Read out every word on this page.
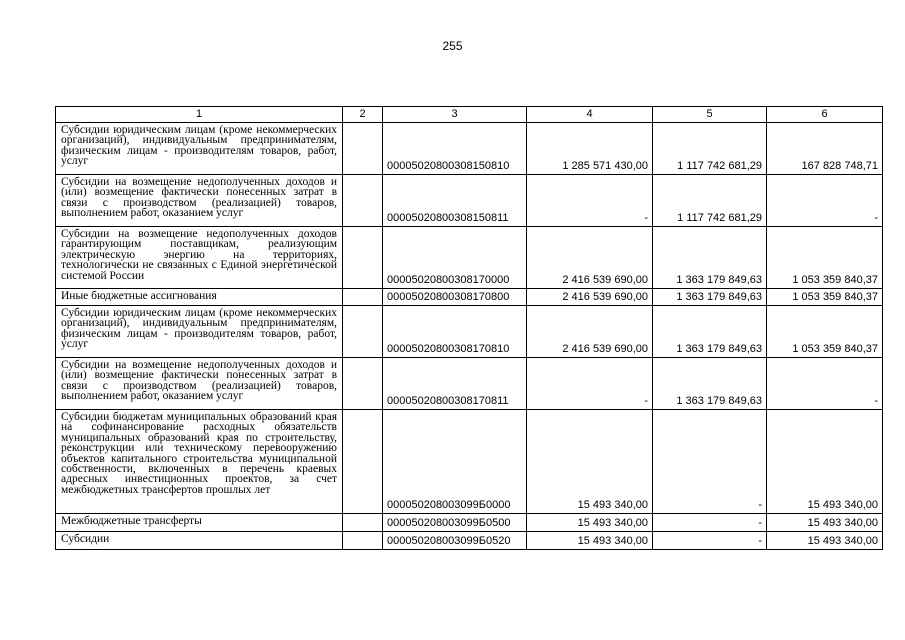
255
1	2	3	4	5	6
Субсидии юридическим лицам (кроме некоммерческих организаций), индивидуальным предпринимателям, физическим лицам - производителям товаров, работ, услуг		00005020800308150810	1 285 571 430,00	1 117 742 681,29	167 828 748,71
Субсидии на возмещение недополученных доходов и (или) возмещение фактически понесенных затрат в связи с производством (реализацией) товаров, выполнением работ, оказанием услуг		00005020800308150811	-	1 117 742 681,29	-
Субсидии на возмещение недополученных доходов гарантирующим поставщикам, реализующим электрическую энергию на территориях, технологически не связанных с Единой энергетической системой России		00005020800308170000	2 416 539 690,00	1 363 179 849,63	1 053 359 840,37
Иные бюджетные ассигнования		00005020800308170800	2 416 539 690,00	1 363 179 849,63	1 053 359 840,37
Субсидии юридическим лицам (кроме некоммерческих организаций), индивидуальным предпринимателям, физическим лицам - производителям товаров, работ, услуг		00005020800308170810	2 416 539 690,00	1 363 179 849,63	1 053 359 840,37
Субсидии на возмещение недополученных доходов и (или) возмещение фактически понесенных затрат в связи с производством (реализацией) товаров, выполнением работ, оказанием услуг		00005020800308170811	-	1 363 179 849,63	-
Субсидии бюджетам муниципальных образований края на софинансирование расходных обязательств муниципальных образований края по строительству, реконструкции или техническому перевооружению объектов капитального строительства муниципальной собственности, включенных в перечень краевых адресных инвестиционных проектов, за счет межбюджетных трансфертов прошлых лет		000050208003099Б0000	15 493 340,00	-	15 493 340,00
Межбюджетные трансферты		000050208003099Б0500	15 493 340,00	-	15 493 340,00
Субсидии		000050208003099Б0520	15 493 340,00	-	15 493 340,00
